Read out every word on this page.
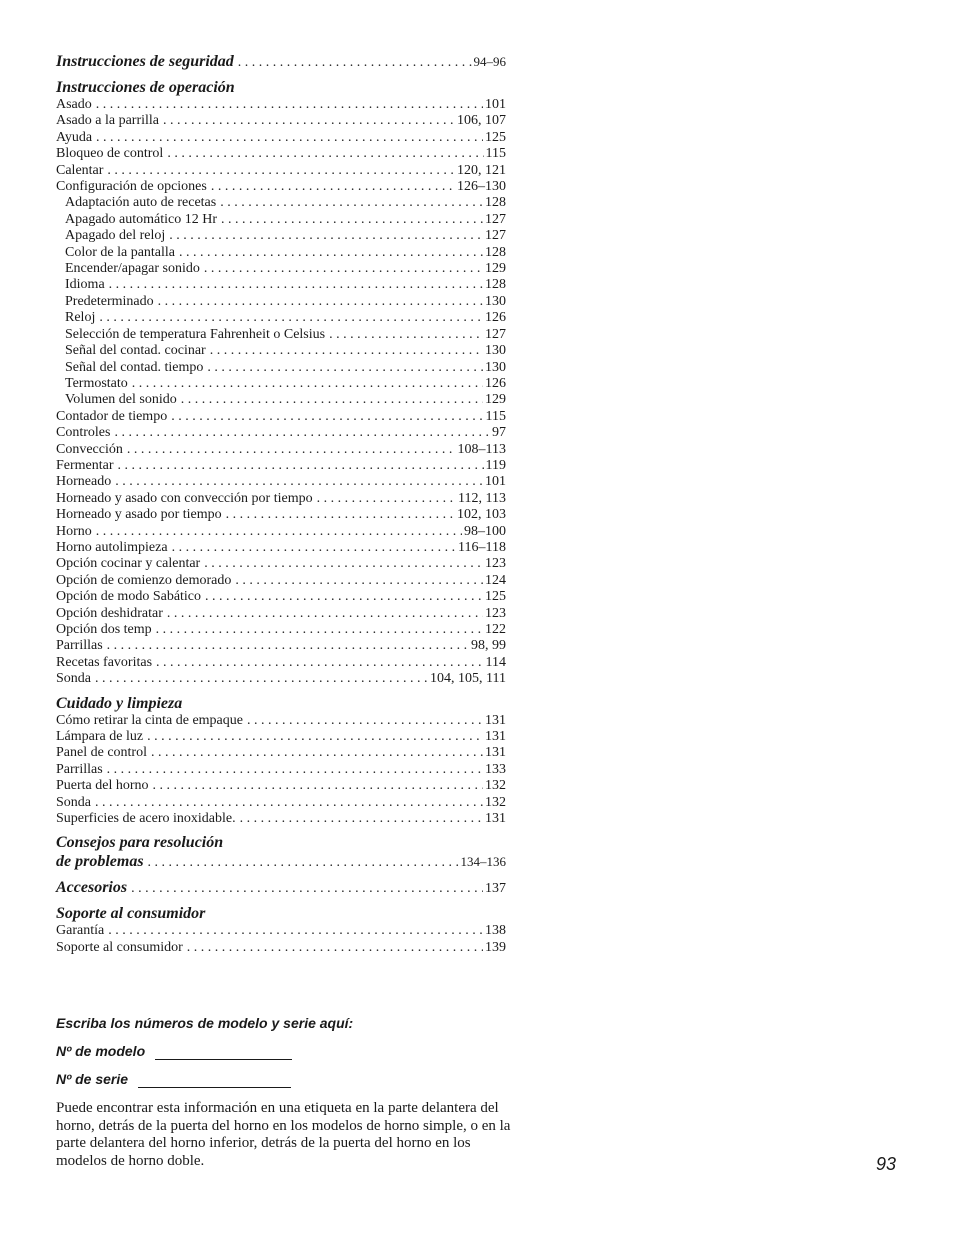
Instrucciones de seguridad . . .	94–96
Instrucciones de operación
Asado . . .	101
Asado a la parrilla . . .	106, 107
Ayuda . . .	125
Bloqueo de control . . .	115
Calentar . . .	120, 121
Configuración de opciones . . .	126–130
Adaptación auto de recetas . . .	128
Apagado automático 12 Hr . . .	127
Apagado del reloj . . .	127
Color de la pantalla . . .	128
Encender/apagar sonido . . .	129
Idioma . . .	128
Predeterminado . . .	130
Reloj . . .	126
Selección de temperatura Fahrenheit o Celsius . . .	127
Señal del contad. cocinar . . .	130
Señal del contad. tiempo . . .	130
Termostato . . .	126
Volumen del sonido . . .	129
Contador de tiempo . . .	115
Controles . . .	97
Convección . . .	108–113
Fermentar . . .	119
Horneado . . .	101
Horneado y asado con convección por tiempo . . .	112, 113
Horneado y asado por tiempo . . .	102, 103
Horno . . .	98–100
Horno autolimpieza . . .	116–118
Opción cocinar y calentar . . .	123
Opción de comienzo demorado . . .	124
Opción de modo Sabático . . .	125
Opción deshidratar . . .	123
Opción dos temp . . .	122
Parrillas . . .	98, 99
Recetas favoritas . . .	114
Sonda . . .	104, 105, 111
Cuidado y limpieza
Cómo retirar la cinta de empaque . . .	131
Lámpara de luz . . .	131
Panel de control . . .	131
Parrillas . . .	133
Puerta del horno . . .	132
Sonda . . .	132
Superficies de acero inoxidable. . . .	131
Consejos para resolución
de problemas . . .	134–136
Accesorios . . .	137
Soporte al consumidor
Garantía . . .	138
Soporte al consumidor . . .	139
Escriba los números de modelo y serie aquí:
Nº de modelo
Nº de serie
Puede encontrar esta información en una etiqueta en la parte delantera del horno, detrás de la puerta del horno en los modelos de horno simple, o en la parte delantera del horno inferior, detrás de la puerta del horno en los modelos de horno doble.	93
